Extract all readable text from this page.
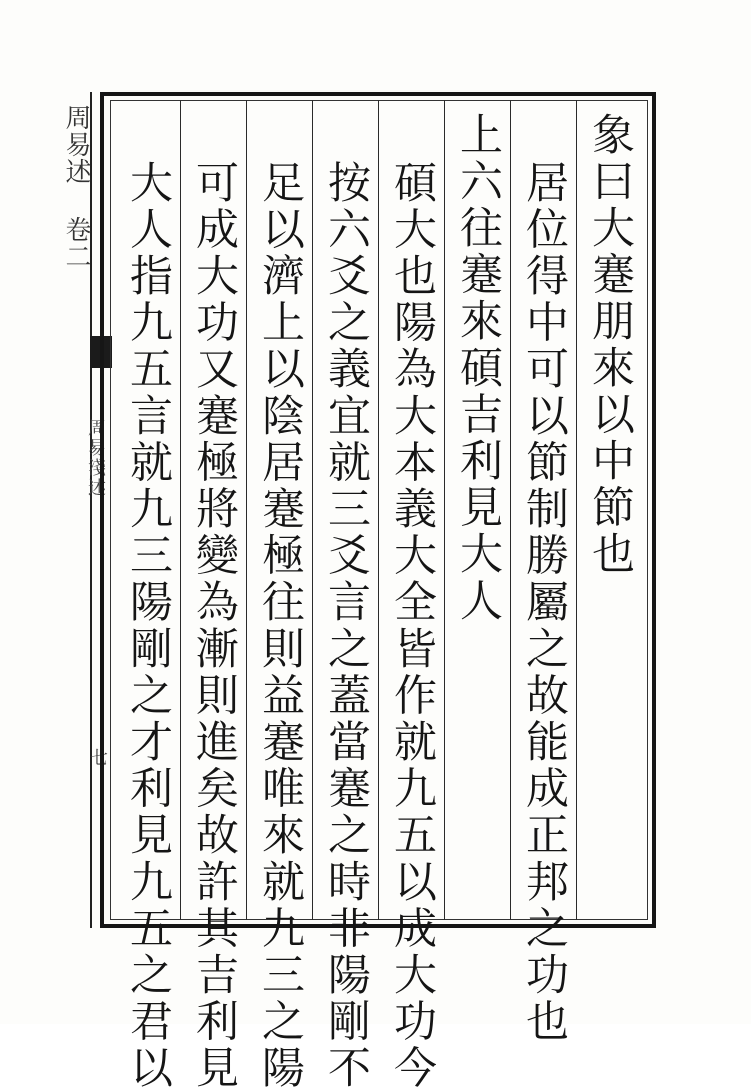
周易述 卷二
周易淺述
七
象曰大蹇朋來以中節也
居位得中可以節制勝屬之故能成正邦之功也
上六往蹇來碩吉利見大人
碩大也陽為大本義大全皆作就九五以成大功今
按六爻之義宜就三爻言之蓋當蹇之時非陽剛不
足以濟上以陰居蹇極往則益蹇唯來就九三之陽
可成大功又蹇極將變為漸則進矣故許其吉利見
大人指九五言就九三陽剛之才利見九五之君以
